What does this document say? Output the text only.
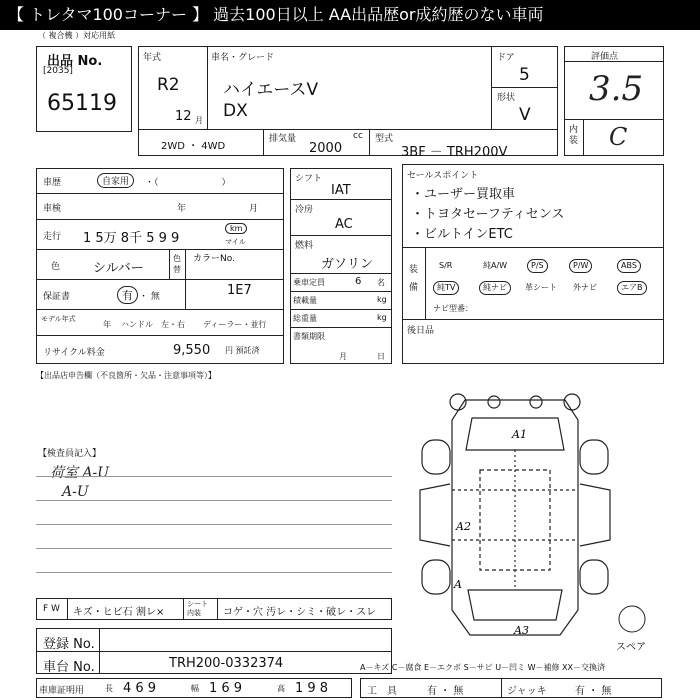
【 トレタマ100コーナー 】 過去100日以上 AA出品歴or成約歴のない車両
（ 複合機 ）対応用紙
出品 No.
[2035]
65119
年式
R2
12 月
車名・グレード
ハイエースV
DX
ドア
5
形状
V
2WD ・ 4WD
排気量	cc
2000
型式
3BF － TRH200V
評価点
3.5
内装 C
車歴	自家用	・（　　　　　　　）
車検	年	月
走行 1 5万 8千 5 9 9
km
マイル
色	シルバー
色替
カラーNo.
1E7
保証書	有 ・ 無
モデル年式
年 ハンドル　左・右 ディーラー・並行
リサイクル料金	9,550 円 預託済
シフト
IAT
冷房
AC
燃料
ガソリン
乗車定員	6 名
積載量	kg
総重量	kg
書類期限
月	日
セールスポイント
・ユーザー買取車
・トヨタセーフティセンス
・ビルトインETC
装備
S/R	純A/W	P/S	P/W	ABS
純TV	純ナビ	革シート	外ナビ	エアB
ナビ型番：
後日品
【出品店申告欄（不良箇所・欠品・注意事項等）】
【検査員記入】
荷室 A-U
A-U
A1
A2
A
A3
スペア
F W キズ・ヒビ石 割レ×
シート内装	コゲ・穴 汚レ・シミ・破レ・スレ
登録 No.
車台 No.	TRH200-0332374
車庫証明用	長 4 6 9	幅 1 6 9	高 1 9 8
A－キズ C－腐食 E－エクボ S－サビ U－凹ミ W－補修 XX－交換済
工　具	有 ・ 無	ジャッキ	有 ・ 無
